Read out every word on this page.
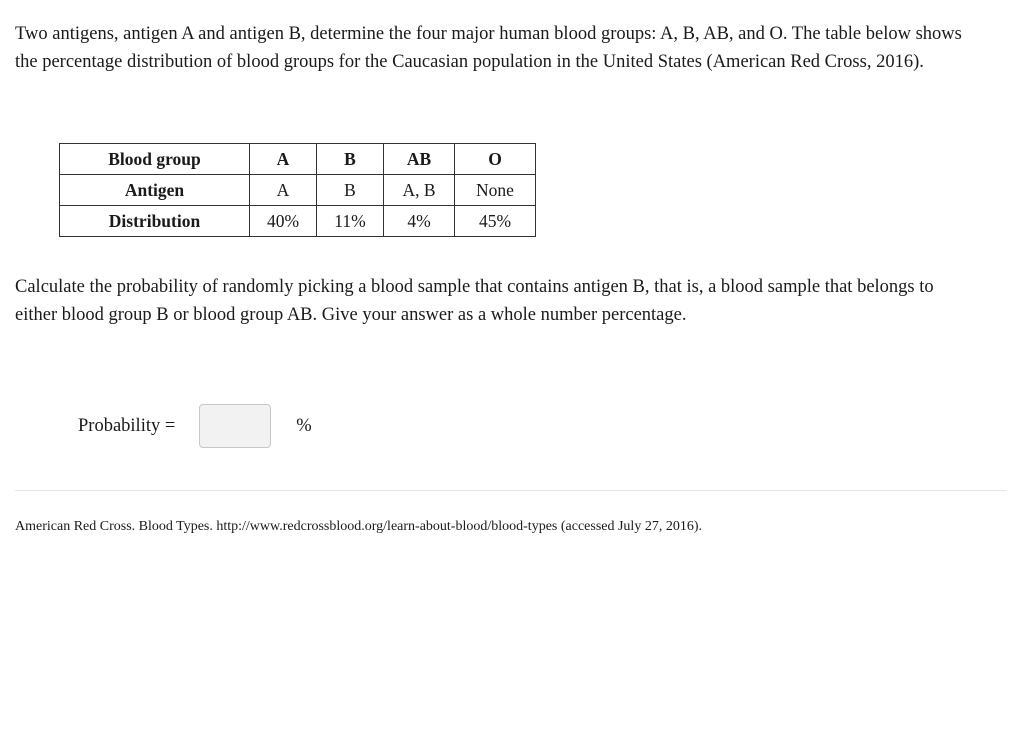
Two antigens, antigen A and antigen B, determine the four major human blood groups: A, B, AB, and O. The table below shows the percentage distribution of blood groups for the Caucasian population in the United States (American Red Cross, 2016).

Blood group	A	B	AB	O
Antigen	A	B	A, B	None
Distribution	40%	11%	4%	45%

Calculate the probability of randomly picking a blood sample that contains antigen B, that is, a blood sample that belongs to either blood group B or blood group AB. Give your answer as a whole number percentage.

Probability =	%

American Red Cross. Blood Types. http://www.redcrossblood.org/learn-about-blood/blood-types (accessed July 27, 2016).
